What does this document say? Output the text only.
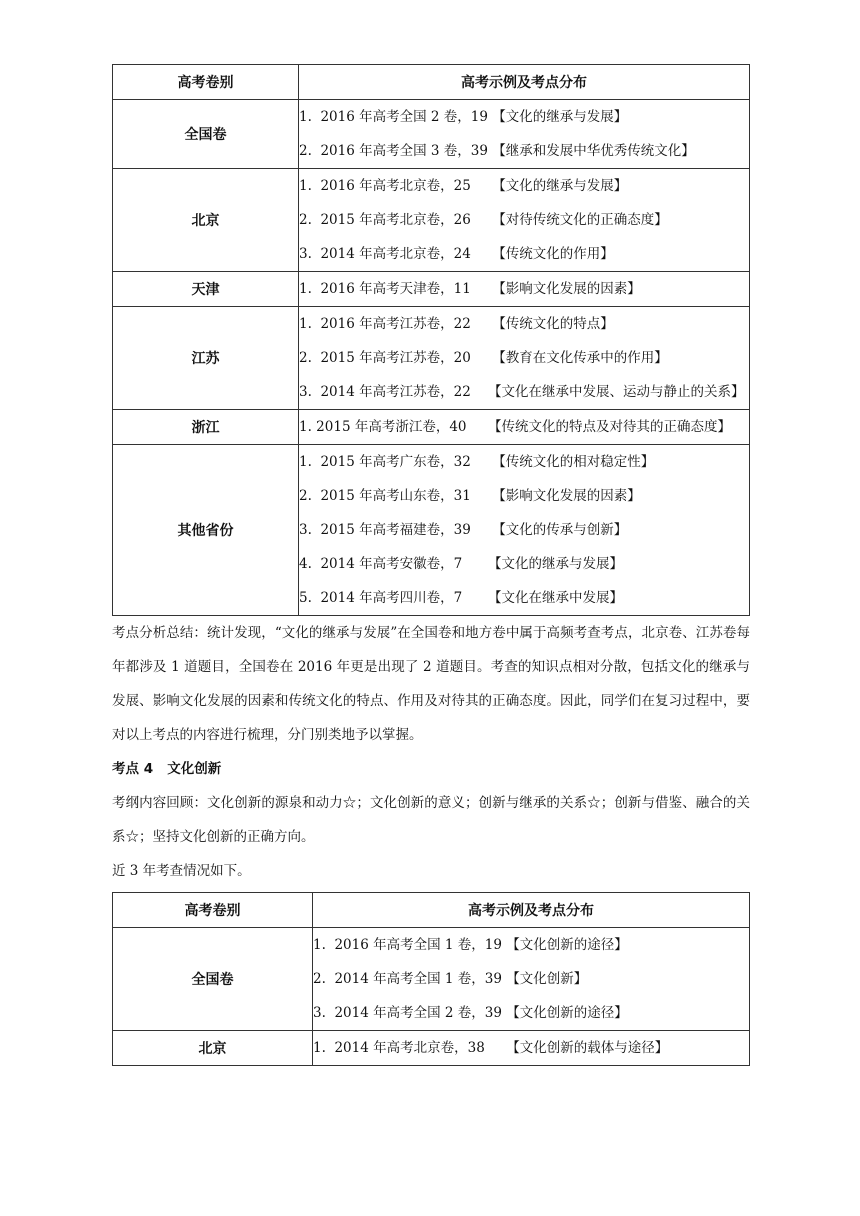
高考卷别	高考示例及考点分布
全国卷	1.  2016 年高考全国 2 卷，19 【文化的继承与发展】
2.  2016 年高考全国 3 卷，39 【继承和发展中华优秀传统文化】

北京	1.  2016 年高考北京卷，25     【文化的继承与发展】
2.  2015 年高考北京卷，26     【对待传统文化的正确态度】
3.  2014 年高考北京卷，24     【传统文化的作用】

天津	1.  2016 年高考天津卷，11     【影响文化发展的因素】

江苏	1.  2016 年高考江苏卷，22     【传统文化的特点】
2.  2015 年高考江苏卷，20     【教育在文化传承中的作用】
3.  2014 年高考江苏卷，22    【文化在继承中发展、运动与静止的关系】

浙江	1. 2015 年高考浙江卷，40     【传统文化的特点及对待其的正确态度】

其他省份	1.  2015 年高考广东卷，32     【传统文化的相对稳定性】
2.  2015 年高考山东卷，31     【影响文化发展的因素】
3.  2015 年高考福建卷，39     【文化的传承与创新】
4.  2014 年高考安徽卷，7      【文化的继承与发展】
5.  2014 年高考四川卷，7      【文化在继承中发展】

考点分析总结：统计发现，“文化的继承与发展”在全国卷和地方卷中属于高频考查考点，北京卷、江苏卷每年都涉及 1 道题目，全国卷在 2016 年更是出现了 2 道题目。考查的知识点相对分散，包括文化的继承与发展、影响文化发展的因素和传统文化的特点、作用及对待其的正确态度。因此，同学们在复习过程中，要对以上考点的内容进行梳理，分门别类地予以掌握。

考点 4   文化创新

考纲内容回顾：文化创新的源泉和动力☆；文化创新的意义；创新与继承的关系☆；创新与借鉴、融合的关系☆；坚持文化创新的正确方向。

近 3 年考查情况如下。

高考卷别	高考示例及考点分布
全国卷	1.  2016 年高考全国 1 卷，19 【文化创新的途径】
2.  2014 年高考全国 1 卷，39 【文化创新】
3.  2014 年高考全国 2 卷，39 【文化创新的途径】

北京	1.  2014 年高考北京卷，38     【文化创新的载体与途径】
